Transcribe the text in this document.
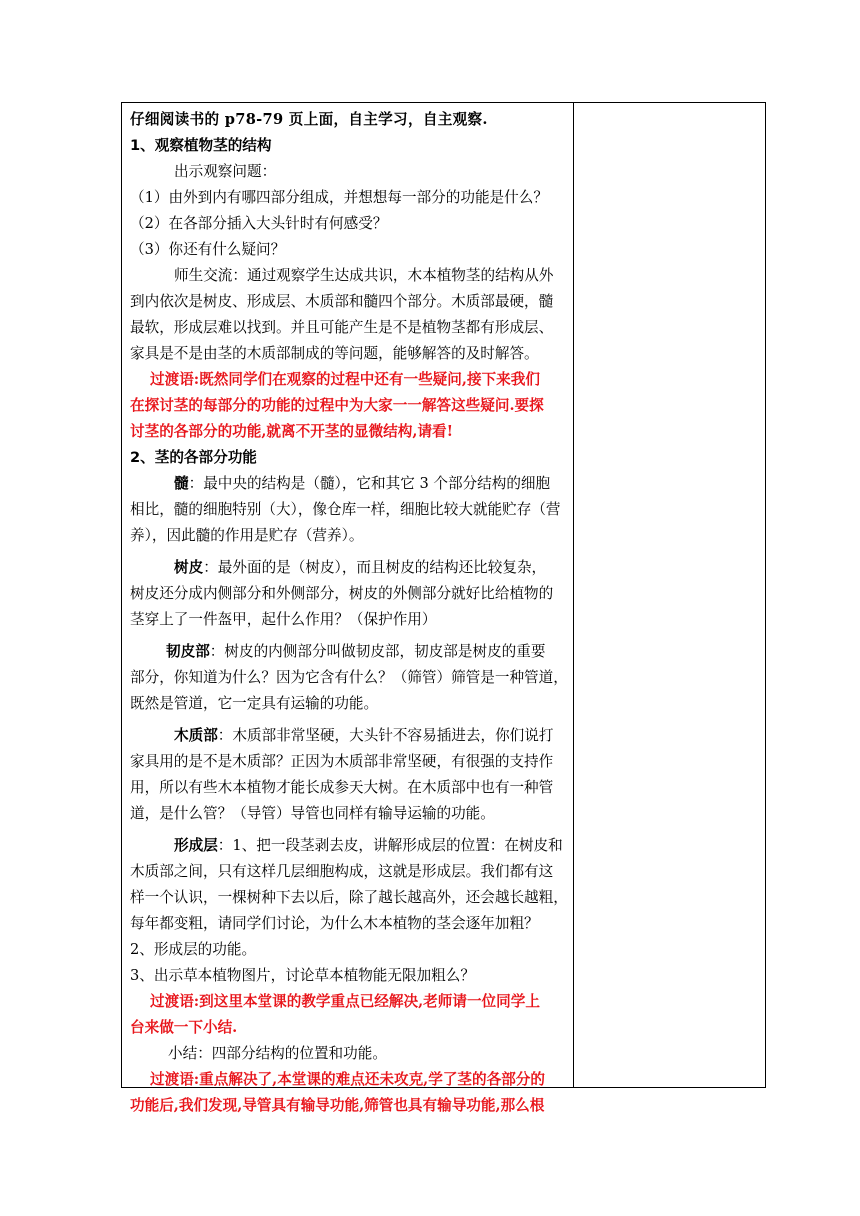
仔细阅读书的 p78-79 页上面，自主学习，自主观察.
1、观察植物茎的结构
出示观察问题：
（1）由外到内有哪四部分组成，并想想每一部分的功能是什么？
（2）在各部分插入大头针时有何感受？
（3）你还有什么疑问？
师生交流：通过观察学生达成共识，木本植物茎的结构从外
到内依次是树皮、形成层、木质部和髓四个部分。木质部最硬，髓
最软，形成层难以找到。并且可能产生是不是植物茎都有形成层、
家具是不是由茎的木质部制成的等问题，能够解答的及时解答。
过渡语:既然同学们在观察的过程中还有一些疑问,接下来我们
在探讨茎的每部分的功能的过程中为大家一一解答这些疑问.要探
讨茎的各部分的功能,就离不开茎的显微结构,请看!
2、茎的各部分功能
髓：最中央的结构是（髓），它和其它 3 个部分结构的细胞
相比，髓的细胞特别（大），像仓库一样，细胞比较大就能贮存（营
养），因此髓的作用是贮存（营养）。
树皮：最外面的是（树皮），而且树皮的结构还比较复杂，
树皮还分成内侧部分和外侧部分，树皮的外侧部分就好比给植物的
茎穿上了一件盔甲，起什么作用？（保护作用）
韧皮部：树皮的内侧部分叫做韧皮部，韧皮部是树皮的重要
部分，你知道为什么？因为它含有什么？（筛管）筛管是一种管道，
既然是管道，它一定具有运输的功能。
木质部：木质部非常坚硬，大头针不容易插进去，你们说打
家具用的是不是木质部？正因为木质部非常坚硬，有很强的支持作
用，所以有些木本植物才能长成参天大树。在木质部中也有一种管
道，是什么管？（导管）导管也同样有输导运输的功能。
形成层：1、把一段茎剥去皮，讲解形成层的位置：在树皮和
木质部之间，只有这样几层细胞构成，这就是形成层。我们都有这
样一个认识，一棵树种下去以后，除了越长越高外，还会越长越粗，
每年都变粗，请同学们讨论，为什么木本植物的茎会逐年加粗？
2、形成层的功能。
3、出示草本植物图片，讨论草本植物能无限加粗么？
过渡语:到这里本堂课的教学重点已经解决,老师请一位同学上
台来做一下小结.
小结：四部分结构的位置和功能。
过渡语:重点解决了,本堂课的难点还未攻克,学了茎的各部分的
功能后,我们发现,导管具有输导功能,筛管也具有输导功能,那么根
